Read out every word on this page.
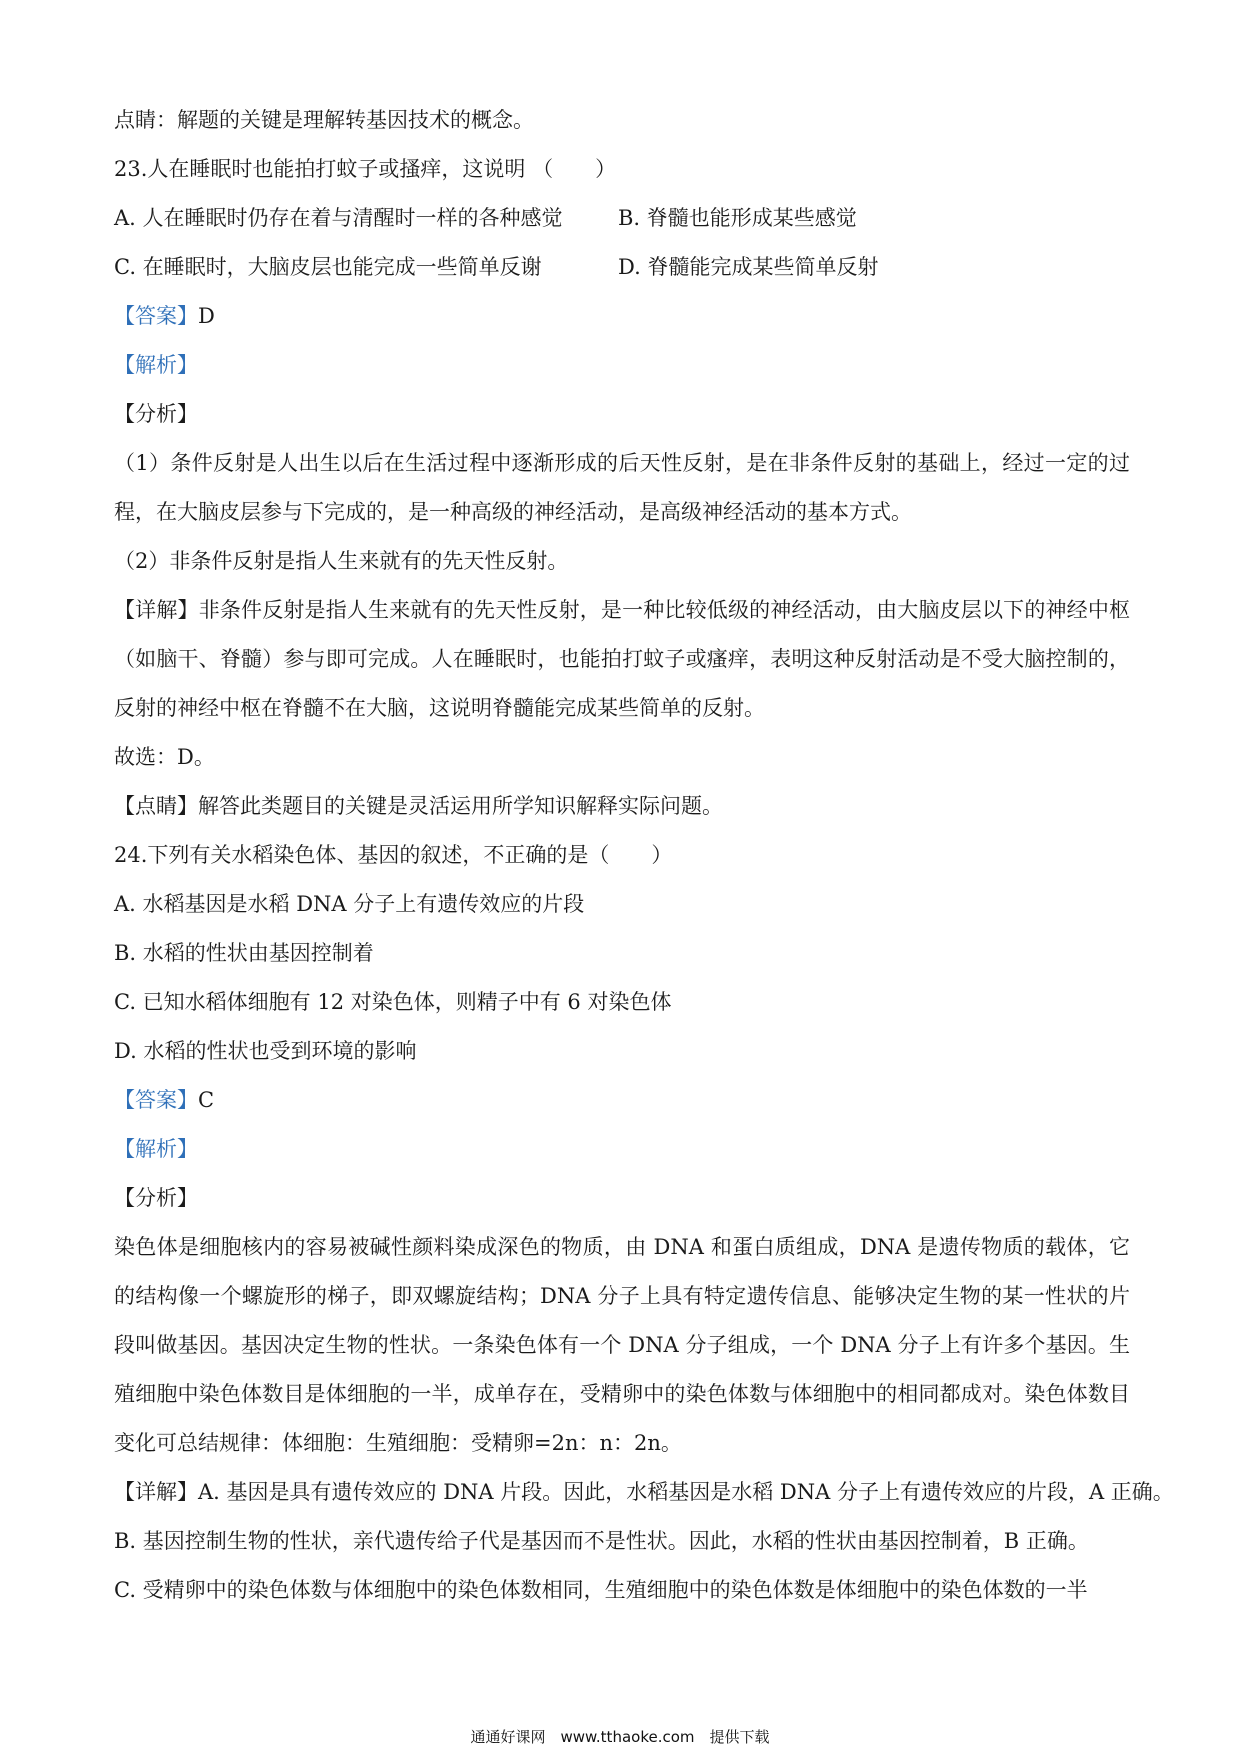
点睛：解题的关键是理解转基因技术的概念。
23.人在睡眠时也能拍打蚊子或搔痒，这说明 （　　）
A. 人在睡眠时仍存在着与清醒时一样的各种感觉	B. 脊髓也能形成某些感觉
C. 在睡眠时，大脑皮层也能完成一些简单反谢	D. 脊髓能完成某些简单反射
【答案】D
【解析】
【分析】
（1）条件反射是人出生以后在生活过程中逐渐形成的后天性反射，是在非条件反射的基础上，经过一定的过程，在大脑皮层参与下完成的，是一种高级的神经活动，是高级神经活动的基本方式。
（2）非条件反射是指人生来就有的先天性反射。
【详解】非条件反射是指人生来就有的先天性反射，是一种比较低级的神经活动，由大脑皮层以下的神经中枢（如脑干、脊髓）参与即可完成。人在睡眠时，也能拍打蚊子或瘙痒，表明这种反射活动是不受大脑控制的，反射的神经中枢在脊髓不在大脑，这说明脊髓能完成某些简单的反射。
故选：D。
【点睛】解答此类题目的关键是灵活运用所学知识解释实际问题。
24.下列有关水稻染色体、基因的叙述，不正确的是（　　）
A. 水稻基因是水稻 DNA 分子上有遗传效应的片段
B. 水稻的性状由基因控制着
C. 已知水稻体细胞有 12 对染色体，则精子中有 6 对染色体
D. 水稻的性状也受到环境的影响
【答案】C
【解析】
【分析】
染色体是细胞核内的容易被碱性颜料染成深色的物质，由 DNA 和蛋白质组成，DNA 是遗传物质的载体，它的结构像一个螺旋形的梯子，即双螺旋结构；DNA 分子上具有特定遗传信息、能够决定生物的某一性状的片段叫做基因。基因决定生物的性状。一条染色体有一个 DNA 分子组成，一个 DNA 分子上有许多个基因。生殖细胞中染色体数目是体细胞的一半，成单存在，受精卵中的染色体数与体细胞中的相同都成对。染色体数目变化可总结规律：体细胞：生殖细胞：受精卵=2n：n：2n。
【详解】A. 基因是具有遗传效应的 DNA 片段。因此，水稻基因是水稻 DNA 分子上有遗传效应的片段，A 正确。
B. 基因控制生物的性状，亲代遗传给子代是基因而不是性状。因此，水稻的性状由基因控制着，B 正确。
C. 受精卵中的染色体数与体细胞中的染色体数相同，生殖细胞中的染色体数是体细胞中的染色体数的一半
通通好课网　www.tthaoke.com　提供下载
